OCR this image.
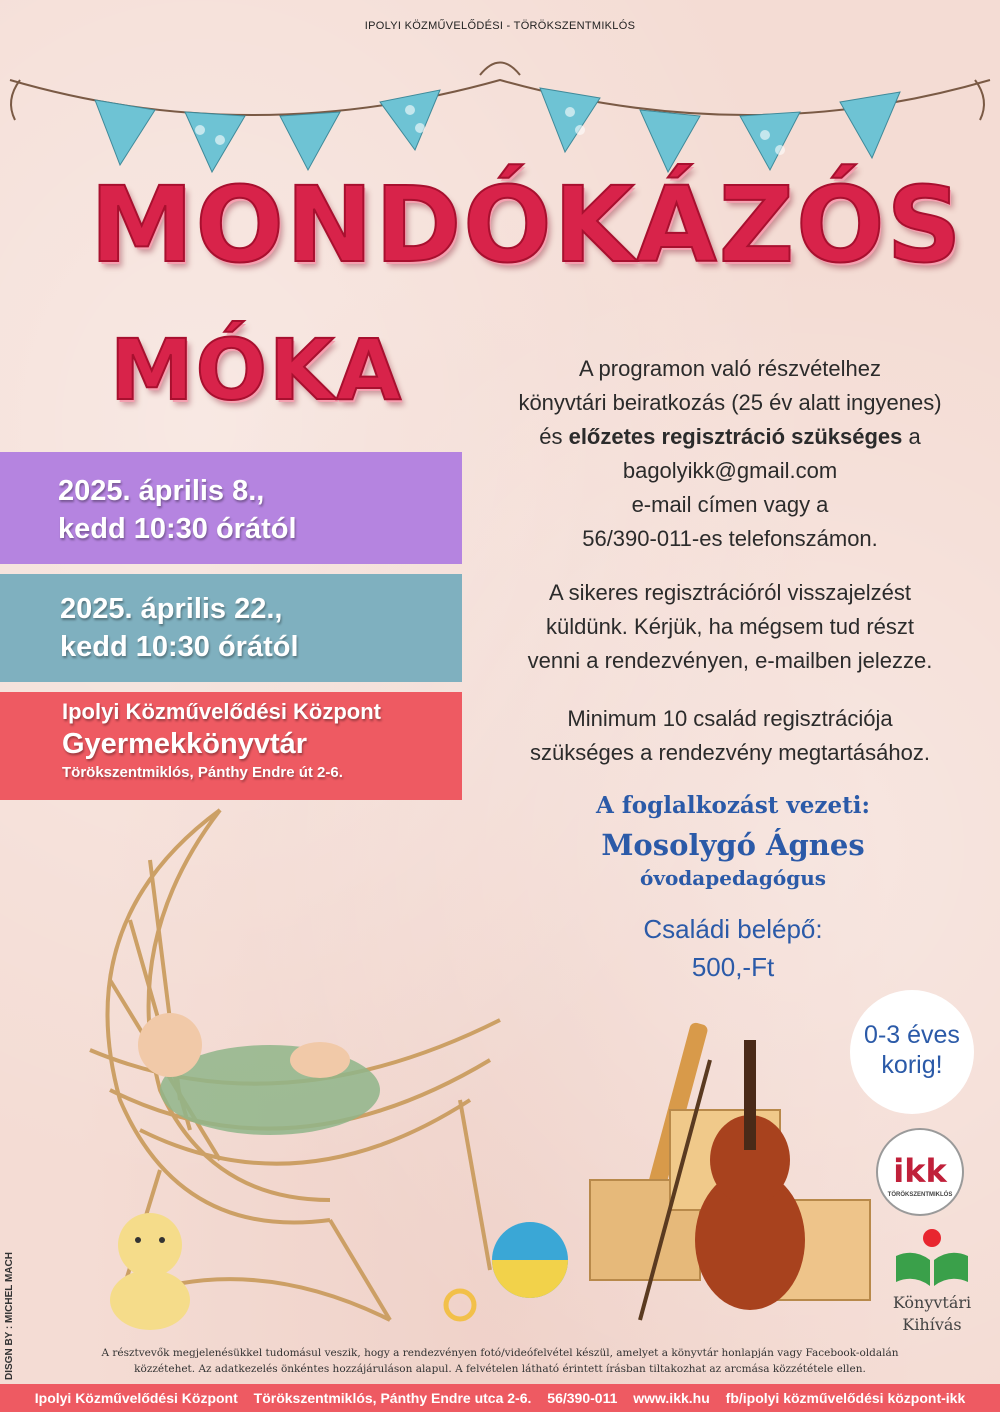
IPOLYI KÖZMŰVELŐDÉSI - TÖRÖKSZENTMIKLÓS
MONDÓKÁZÓS
MÓKA
2025. április 8.,
kedd 10:30 órától
2025. április 22.,
kedd 10:30 órától
Ipolyi Közművelődési Központ
Gyermekkönyvtár
Törökszentmiklós, Pánthy Endre út 2-6.
A programon való részvételhez
könyvtári beiratkozás (25 év alatt ingyenes)
és előzetes regisztráció szükséges a
bagolyikk@gmail.com
e-mail címen vagy a
56/390-011-es telefonszámon.
A sikeres regisztrációról visszajelzést
küldünk. Kérjük, ha mégsem tud részt
venni a rendezvényen, e-mailben jelezze.
Minimum 10 család regisztrációja
szükséges a rendezvény megtartásához.
A foglalkozást vezeti:
Mosolygó Ágnes
óvodapedagógus
Családi belépő:
500,-Ft
0-3 éves
korig!
ikk
TÖRÖKSZENTMIKLÓS
Könyvtári
Kihívás
DISGN BY : MICHEL MACH	A résztvevők megjelenésükkel tudomásul veszik, hogy a rendezvényen fotó/videófelvétel készül, amelyet a könyvtár honlapján vagy Facebook-oldalán
közzétehet. Az adatkezelés önkéntes hozzájáruláson alapul. A felvételen látható érintett írásban tiltakozhat az arcmása közzététele ellen.
Ipolyi Közművelődési Központ Törökszentmiklós, Pánthy Endre utca 2-6. 56/390-011 www.ikk.hu fb/ipolyi közművelődési központ-ikk
